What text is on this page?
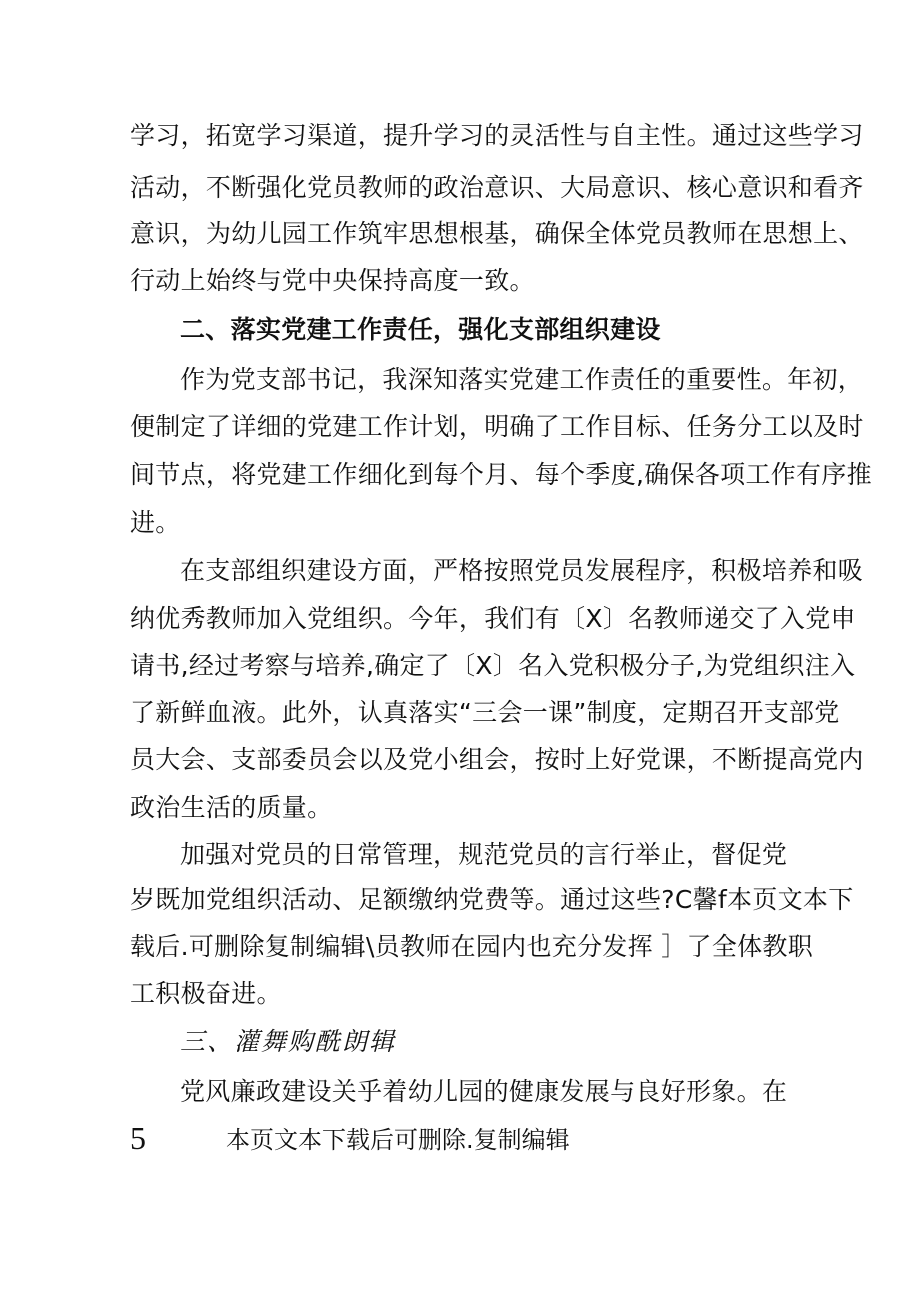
学习，拓宽学习渠道，提升学习的灵活性与自主性。通过这些学习
活动，不断强化党员教师的政治意识、大局意识、核心意识和看齐
意识，为幼儿园工作筑牢思想根基，确保全体党员教师在思想上、
行动上始终与党中央保持高度一致。
二、落实党建工作责任，强化支部组织建设
作为党支部书记，我深知落实党建工作责任的重要性。年初，
便制定了详细的党建工作计划，明确了工作目标、任务分工以及时
间节点，将党建工作细化到每个月、每个季度,确保各项工作有序推
进。
在支部组织建设方面，严格按照党员发展程序，积极培养和吸
纳优秀教师加入党组织。今年，我们有〔X〕名教师递交了入党申
请书,经过考察与培养,确定了〔X〕名入党积极分子,为党组织注入
了新鲜血液。此外，认真落实“三会一课”制度，定期召开支部党
员大会、支部委员会以及党小组会，按时上好党课，不断提高党内
政治生活的质量。
加强对党员的日常管理，规范党员的言行举止，督促党
岁既加党组织活动、足额缴纳党费等。通过这些?C馨f本页文本下
载后.可删除复制编辑\员教师在园内也充分发挥 ］了全体教职
工积极奋进。
三、灌舞购酰朗辑
党风廉政建设关乎着幼儿园的健康发展与良好形象。在
5	本页文本下载后可删除.复制编辑
